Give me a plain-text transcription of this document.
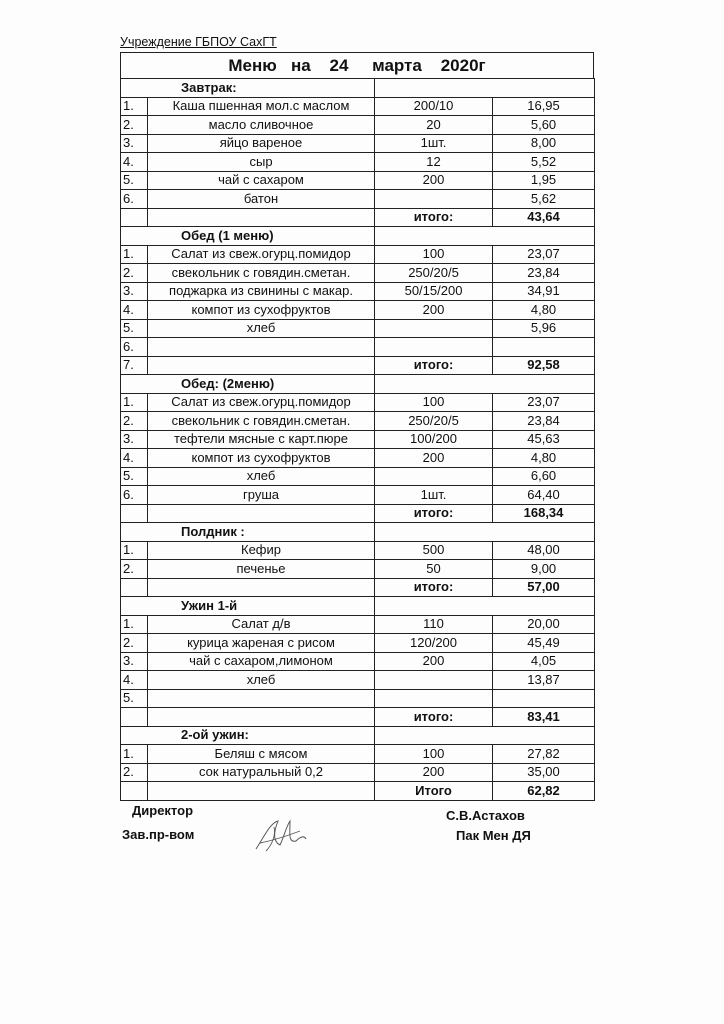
Учреждение ГБПОУ СахГТ
Меню   на    24     марта    2020г
Завтрак:			
1.	Каша пшенная мол.с маслом	200/10	16,95
2.	масло сливочное	20	5,60
3.	яйцо вареное	1шт.	8,00
4.	сыр	12	5,52
5.	чай с сахаром	200	1,95
6.	батон		5,62
		итого:	43,64
Обед (1 меню)			
1.	Салат из свеж.огурц.помидор	100	23,07
2.	свекольник с говядин.сметан.	250/20/5	23,84
3.	поджарка из свинины с макар.	50/15/200	34,91
4.	компот из сухофруктов	200	4,80
5.	хлеб		5,96
6.			
7.		итого:	92,58
Обед: (2меню)			
1.	Салат из свеж.огурц.помидор	100	23,07
2.	свекольник с говядин.сметан.	250/20/5	23,84
3.	тефтели мясные с карт.пюре	100/200	45,63
4.	компот из сухофруктов	200	4,80
5.	хлеб		6,60
6.	груша	1шт.	64,40
		итого:	168,34
Полдник :			
1.	Кефир	500	48,00
2.	печенье	50	9,00
		итого:	57,00
Ужин 1-й			
1.	Салат д/в	110	20,00
2.	курица жареная с рисом	120/200	45,49
3.	чай с сахаром,лимоном	200	4,05
4.	хлеб		13,87
5.			
		итого:	83,41
2-ой ужин:			
1.	Беляш с мясом	100	27,82
2.	сок натуральный 0,2	200	35,00
		Итого	62,82
Директор	С.В.Астахов
Зав.пр-вом	Пак Мен ДЯ
